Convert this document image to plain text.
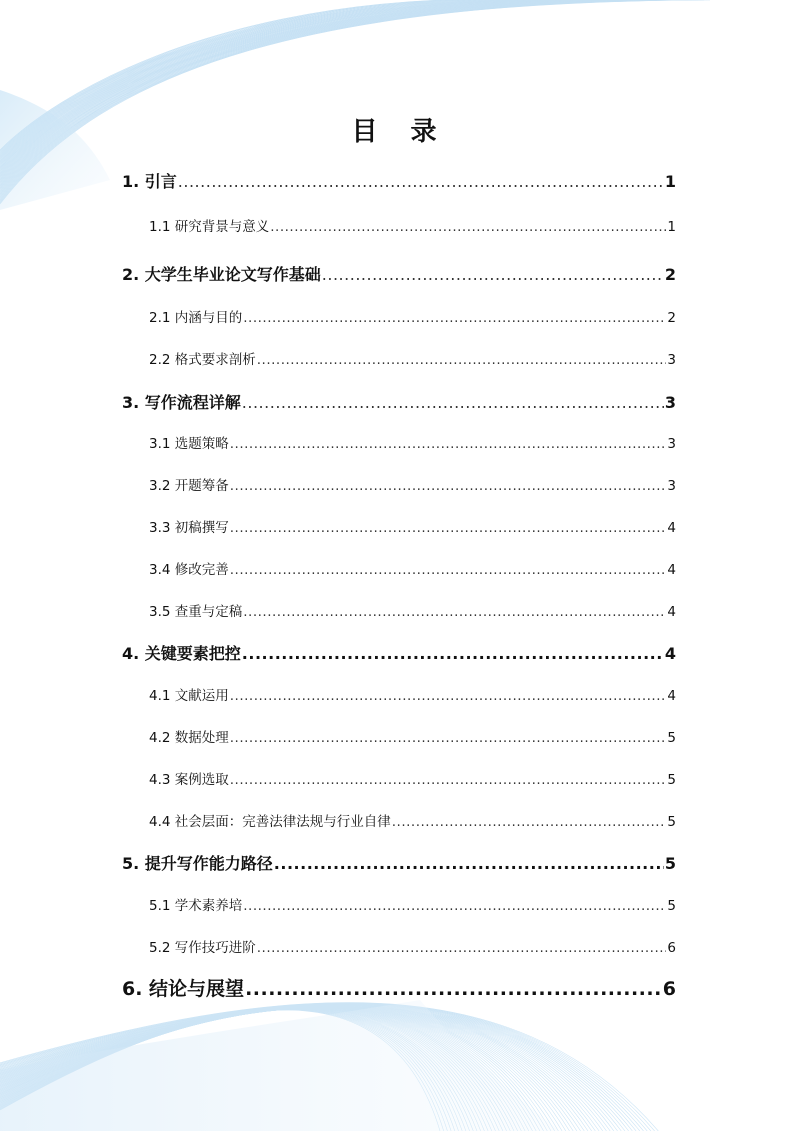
目 录
1. 引言 .....	1
1.1 研究背景与意义 .....	1
2. 大学生毕业论文写作基础 .....	2
2.1 内涵与目的 .....	2
2.2 格式要求剖析 .....	3
3. 写作流程详解 .....	3
3.1 选题策略 .....	3
3.2 开题筹备 .....	3
3.3 初稿撰写 .....	4
3.4 修改完善 .....	4
3.5 查重与定稿 .....	4
4. 关键要素把控 .....	4
4.1 文献运用 .....	4
4.2 数据处理 .....	5
4.3 案例选取 .....	5
4.4 社会层面：完善法律法规与行业自律 .....	5
5. 提升写作能力路径 .....	5
5.1 学术素养培 .....	5
5.2 写作技巧进阶 .....	6
6. 结论与展望 .....	6
